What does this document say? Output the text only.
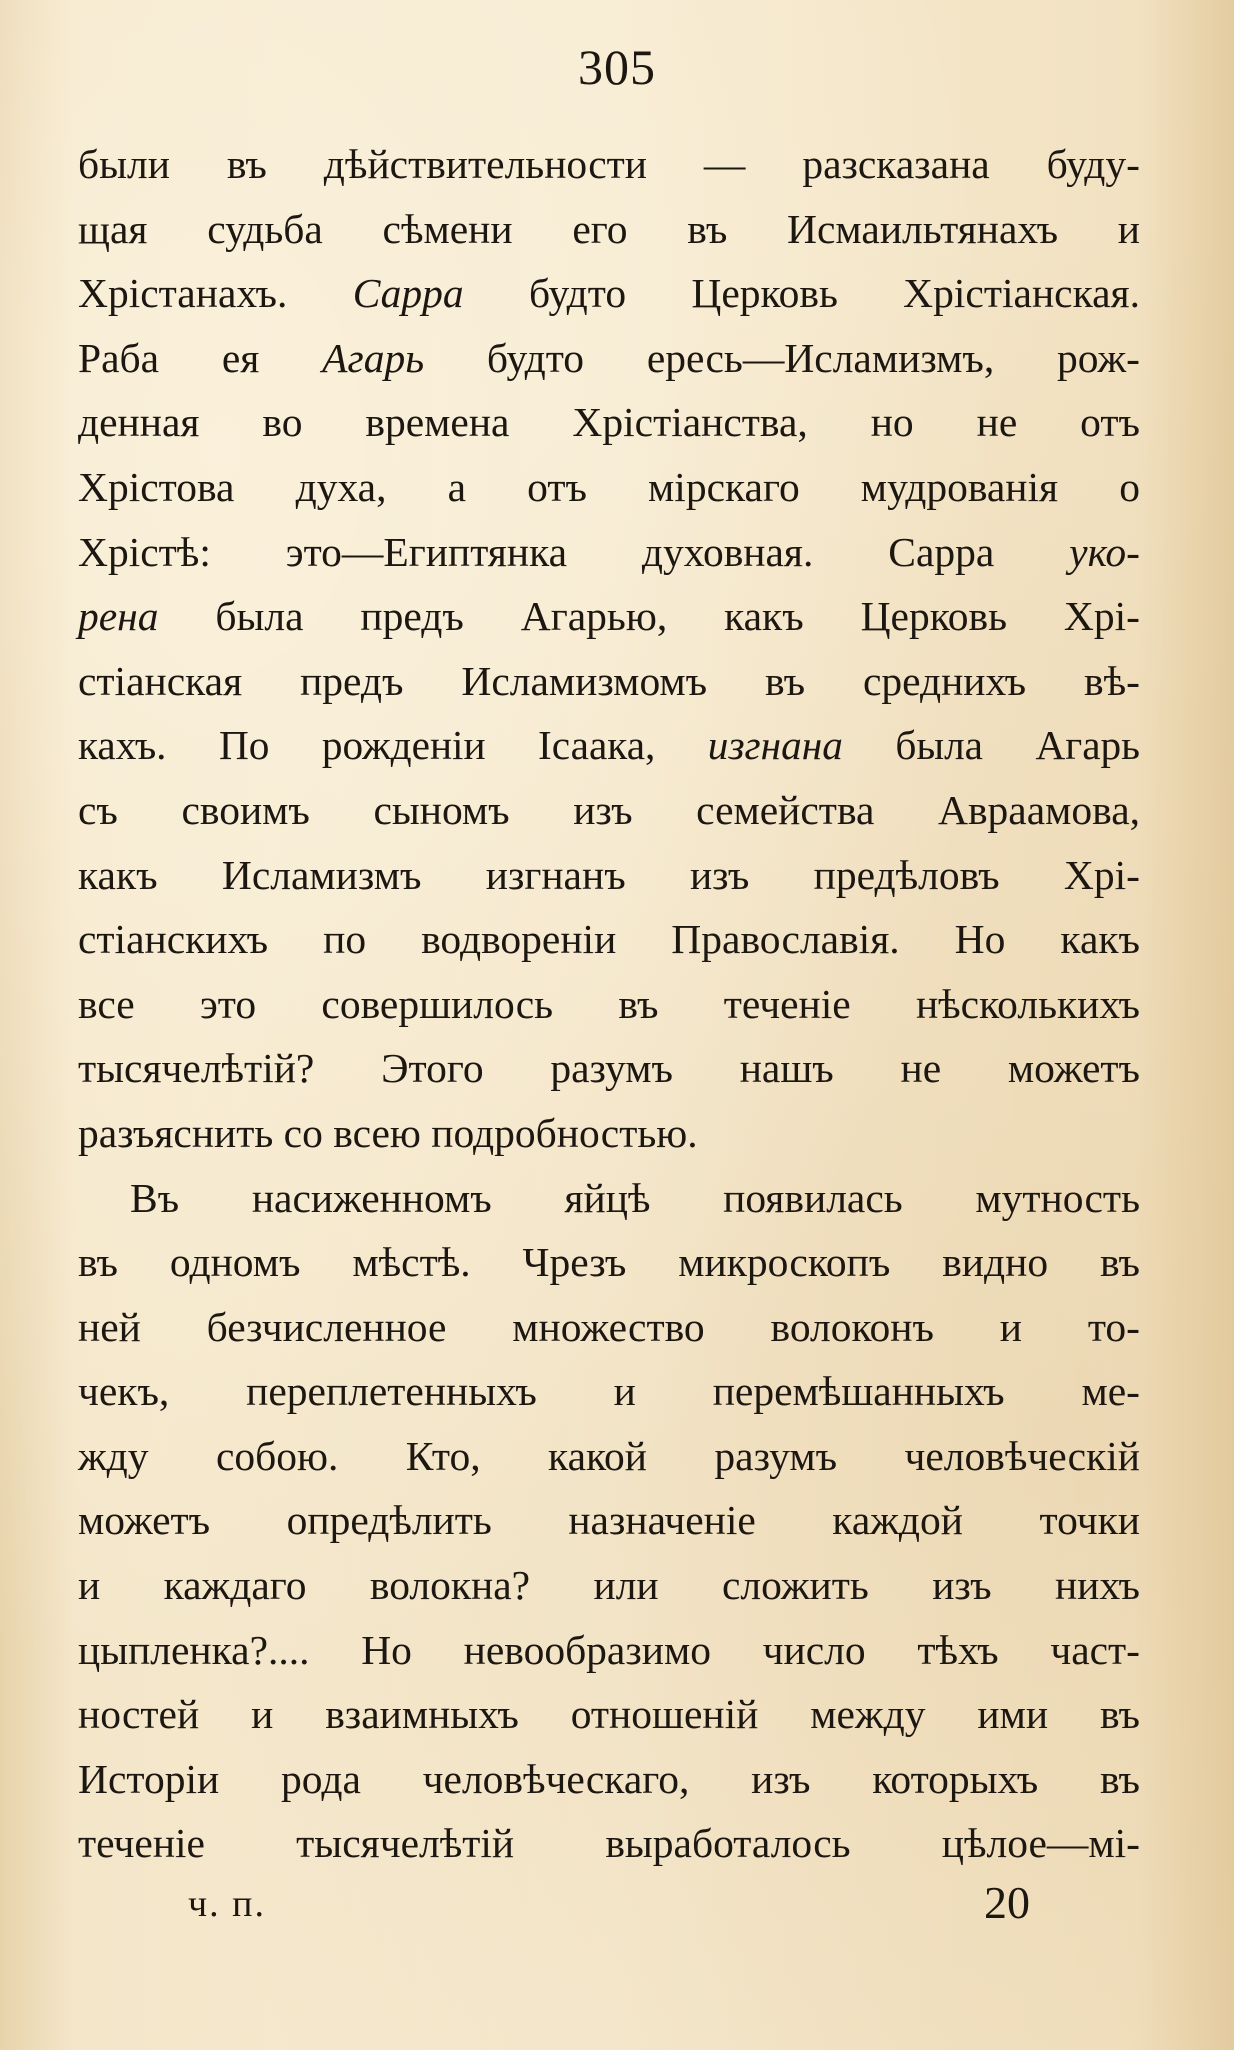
305
были въ дѣйствительности — разсказана буду-
щая судьба сѣмени его въ Исмаильтянахъ и
Хрістанахъ. Сарра будто Церковь Хрістіанская.
Раба ея Агарь будто ересь—Исламизмъ, рож-
денная во времена Хрістіанства, но не отъ
Хрістова духа, а отъ мірскаго мудрованія о
Хрістѣ: это—Египтянка духовная. Сарра уко-
рена была предъ Агарью, какъ Церковь Хрі-
стіанская предъ Исламизмомъ въ среднихъ вѣ-
кахъ. По рожденіи Ісаака, изгнана была Агарь
съ своимъ сыномъ изъ семейства Авраамова,
какъ Исламизмъ изгнанъ изъ предѣловъ Хрі-
стіанскихъ по водвореніи Православія. Но какъ
все это совершилось въ теченіе нѣсколькихъ
тысячелѣтій? Этого разумъ нашъ не можетъ
разъяснить со всею подробностью.
Въ насиженномъ яйцѣ появилась мутность
въ одномъ мѣстѣ. Чрезъ микроскопъ видно въ
ней безчисленное множество волоконъ и то-
чекъ, переплетенныхъ и перемѣшанныхъ ме-
жду собою. Кто, какой разумъ человѣческій
можетъ опредѣлить назначеніе каждой точки
и каждаго волокна? или сложить изъ нихъ
цыпленка?.... Но невообразимо число тѣхъ част-
ностей и взаимныхъ отношеній между ими въ
Исторіи рода человѣческаго, изъ которыхъ въ
теченіе тысячелѣтій выработалось цѣлое—мі-
ч. п.	20
